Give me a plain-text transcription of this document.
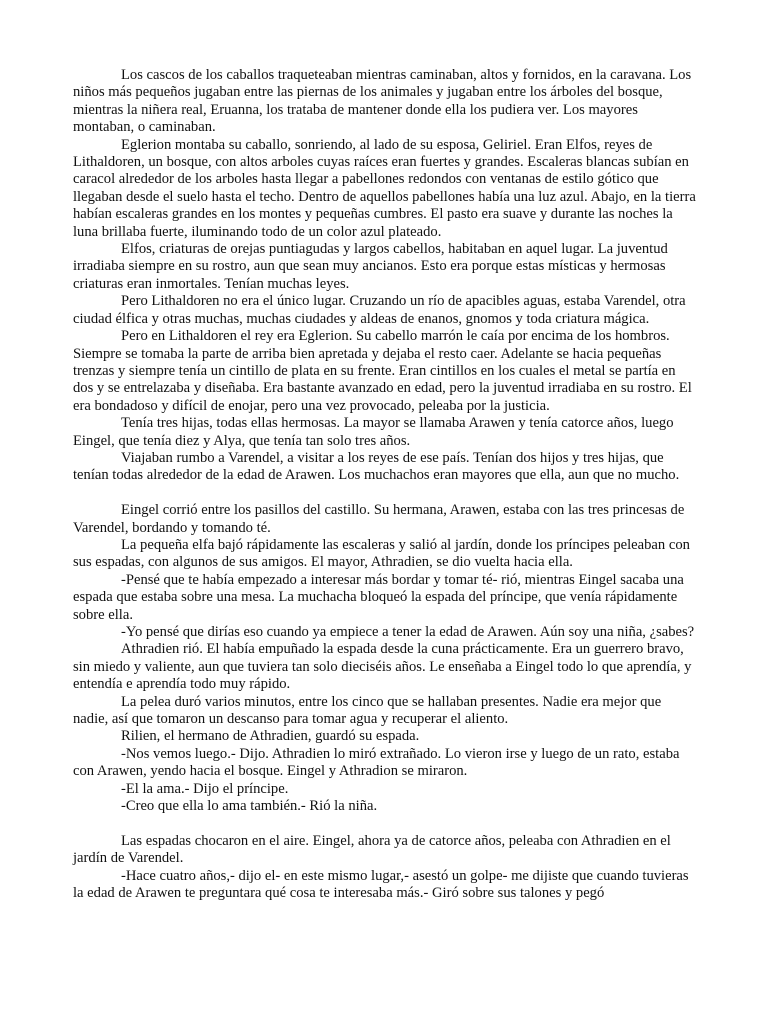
Los cascos de los caballos traqueteaban mientras caminaban, altos y fornidos, en la caravana. Los niños más pequeños jugaban entre las piernas de los animales y jugaban entre los árboles del bosque, mientras la niñera real, Eruanna, los trataba de mantener donde ella los pudiera ver. Los mayores montaban, o caminaban.

Eglerion montaba su caballo, sonriendo, al lado de su esposa, Geliriel. Eran Elfos, reyes de Lithaldoren, un bosque, con altos arboles cuyas raíces eran fuertes y grandes. Escaleras blancas subían en caracol alrededor de los arboles hasta llegar a pabellones redondos con ventanas de estilo gótico que llegaban desde el suelo hasta el techo. Dentro de aquellos pabellones había una luz azul. Abajo, en la tierra habían escaleras grandes en los montes y pequeñas cumbres. El pasto era suave y durante las noches la luna brillaba fuerte, iluminando todo de un color azul plateado.

Elfos, criaturas de orejas puntiagudas y largos cabellos, habitaban en aquel lugar. La juventud irradiaba siempre en su rostro, aun que sean muy ancianos. Esto era porque estas místicas y hermosas criaturas eran inmortales. Tenían muchas leyes.

Pero Lithaldoren no era el único lugar. Cruzando un río de apacibles aguas, estaba Varendel, otra ciudad élfica y otras muchas, muchas ciudades y aldeas de enanos, gnomos y toda criatura mágica.

Pero en Lithaldoren el rey era Eglerion. Su cabello marrón le caía por encima de los hombros. Siempre se tomaba la parte de arriba bien apretada y dejaba el resto caer. Adelante se hacia pequeñas trenzas y siempre tenía un cintillo de plata en su frente. Eran cintillos en los cuales el metal se partía en dos y se entrelazaba y diseñaba. Era bastante avanzado en edad, pero la juventud irradiaba en su rostro. El era bondadoso y difícil de enojar, pero una vez provocado, peleaba por la justicia.

Tenía tres hijas, todas ellas hermosas. La mayor se llamaba Arawen y tenía catorce años, luego Eingel, que tenía diez y Alya, que tenía tan solo tres años.

Viajaban rumbo a Varendel, a visitar a los reyes de ese país. Tenían dos hijos y tres hijas, que tenían todas alrededor de la edad de Arawen. Los muchachos eran mayores que ella, aun que no mucho.

Eingel corrió entre los pasillos del castillo. Su hermana, Arawen, estaba con las tres princesas de Varendel, bordando y tomando té.

La pequeña elfa bajó rápidamente las escaleras y salió al jardín, donde los príncipes peleaban con sus espadas, con algunos de sus amigos. El mayor, Athradien, se dio vuelta hacia ella.

-Pensé que te había empezado a interesar más bordar y tomar té- rió, mientras Eingel sacaba una espada que estaba sobre una mesa. La muchacha bloqueó la espada del príncipe, que venía rápidamente sobre ella.

-Yo pensé que dirías eso cuando ya empiece a tener la edad de Arawen. Aún soy una niña, ¿sabes?

Athradien rió. El había empuñado la espada desde la cuna prácticamente. Era un guerrero bravo, sin miedo y valiente, aun que tuviera tan solo dieciséis años. Le enseñaba a Eingel todo lo que aprendía, y entendía e aprendía todo muy rápido.

La pelea duró varios minutos, entre los cinco que se hallaban presentes. Nadie era mejor que nadie, así que tomaron un descanso para tomar agua y recuperar el aliento.

Rilien, el hermano de Athradien, guardó su espada.

-Nos vemos luego.- Dijo. Athradien lo miró extrañado. Lo vieron irse y luego de un rato, estaba con Arawen, yendo hacia el bosque. Eingel y Athradion se miraron.

-El la ama.- Dijo el príncipe.

-Creo que ella lo ama también.- Rió la niña.

Las espadas chocaron en el aire. Eingel, ahora ya de catorce años, peleaba con Athradien en el jardín de Varendel.

-Hace cuatro años,- dijo el- en este mismo lugar,- asestó un golpe- me dijiste que cuando tuvieras la edad de Arawen te preguntara qué cosa te interesaba más.- Giró sobre sus talones y pegó
